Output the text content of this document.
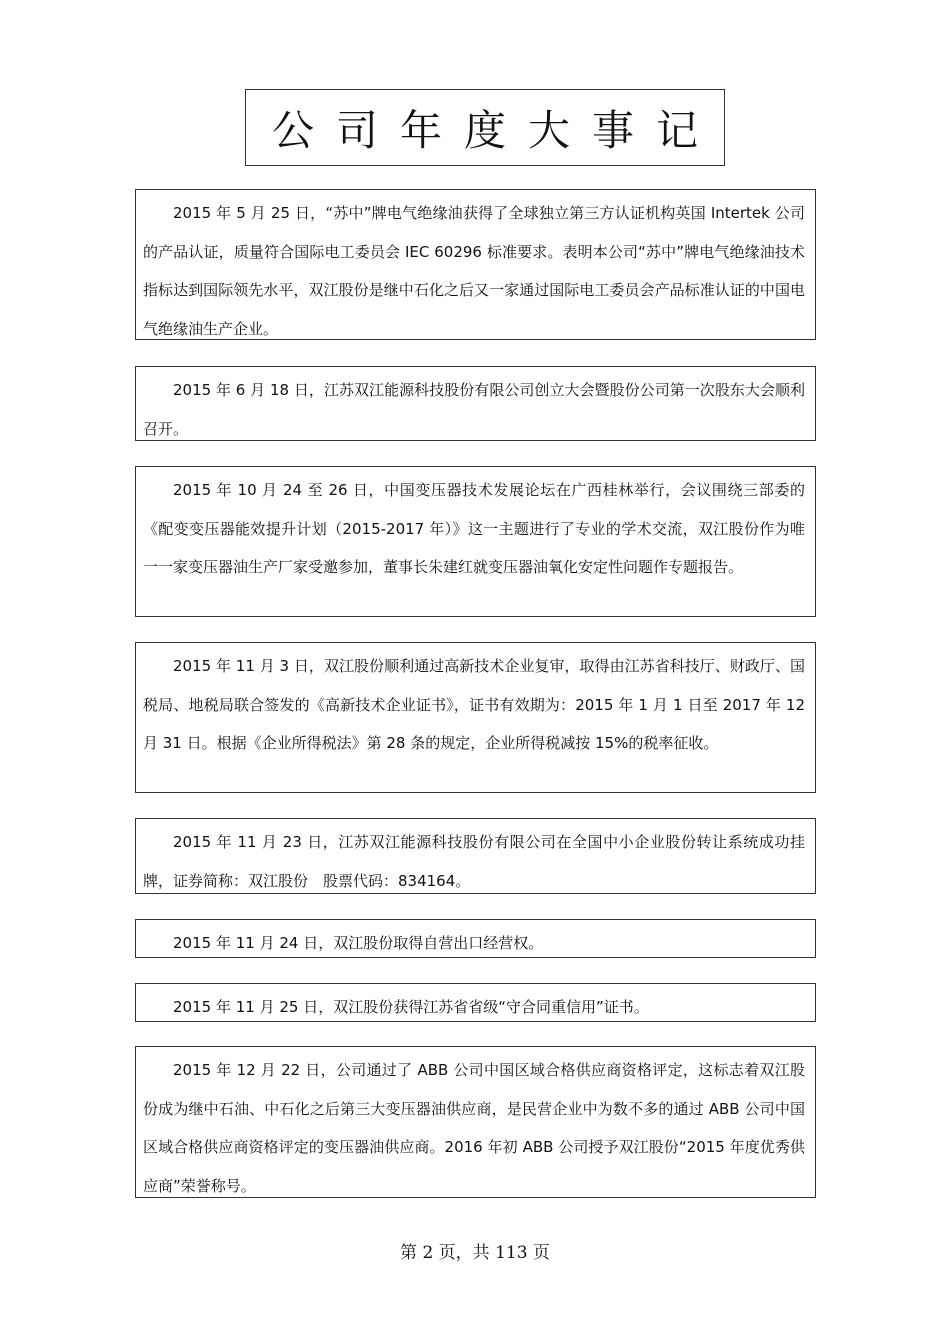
公司年度大事记

2015 年 5 月 25 日，“苏中”牌电气绝缘油获得了全球独立第三方认证机构英国 Intertek 公司的产品认证，质量符合国际电工委员会 IEC 60296 标准要求。表明本公司“苏中”牌电气绝缘油技术指标达到国际领先水平，双江股份是继中石化之后又一家通过国际电工委员会产品标准认证的中国电气绝缘油生产企业。

2015 年 6 月 18 日，江苏双江能源科技股份有限公司创立大会暨股份公司第一次股东大会顺利召开。

2015 年 10 月 24 至 26 日，中国变压器技术发展论坛在广西桂林举行，会议围绕三部委的《配变变压器能效提升计划（2015-2017 年）》这一主题进行了专业的学术交流，双江股份作为唯一一家变压器油生产厂家受邀参加，董事长朱建红就变压器油氧化安定性问题作专题报告。

2015 年 11 月 3 日，双江股份顺利通过高新技术企业复审，取得由江苏省科技厅、财政厅、国税局、地税局联合签发的《高新技术企业证书》，证书有效期为：2015 年 1 月 1 日至 2017 年 12 月 31 日。根据《企业所得税法》第 28 条的规定，企业所得税减按 15%的税率征收。

2015 年 11 月 23 日，江苏双江能源科技股份有限公司在全国中小企业股份转让系统成功挂牌，证券简称：双江股份　股票代码：834164。

2015 年 11 月 24 日，双江股份取得自营出口经营权。

2015 年 11 月 25 日，双江股份获得江苏省省级“守合同重信用”证书。

2015 年 12 月 22 日，公司通过了 ABB 公司中国区域合格供应商资格评定，这标志着双江股份成为继中石油、中石化之后第三大变压器油供应商，是民营企业中为数不多的通过 ABB 公司中国区域合格供应商资格评定的变压器油供应商。2016 年初 ABB 公司授予双江股份“2015 年度优秀供应商”荣誉称号。

第 2 页，共 113 页
